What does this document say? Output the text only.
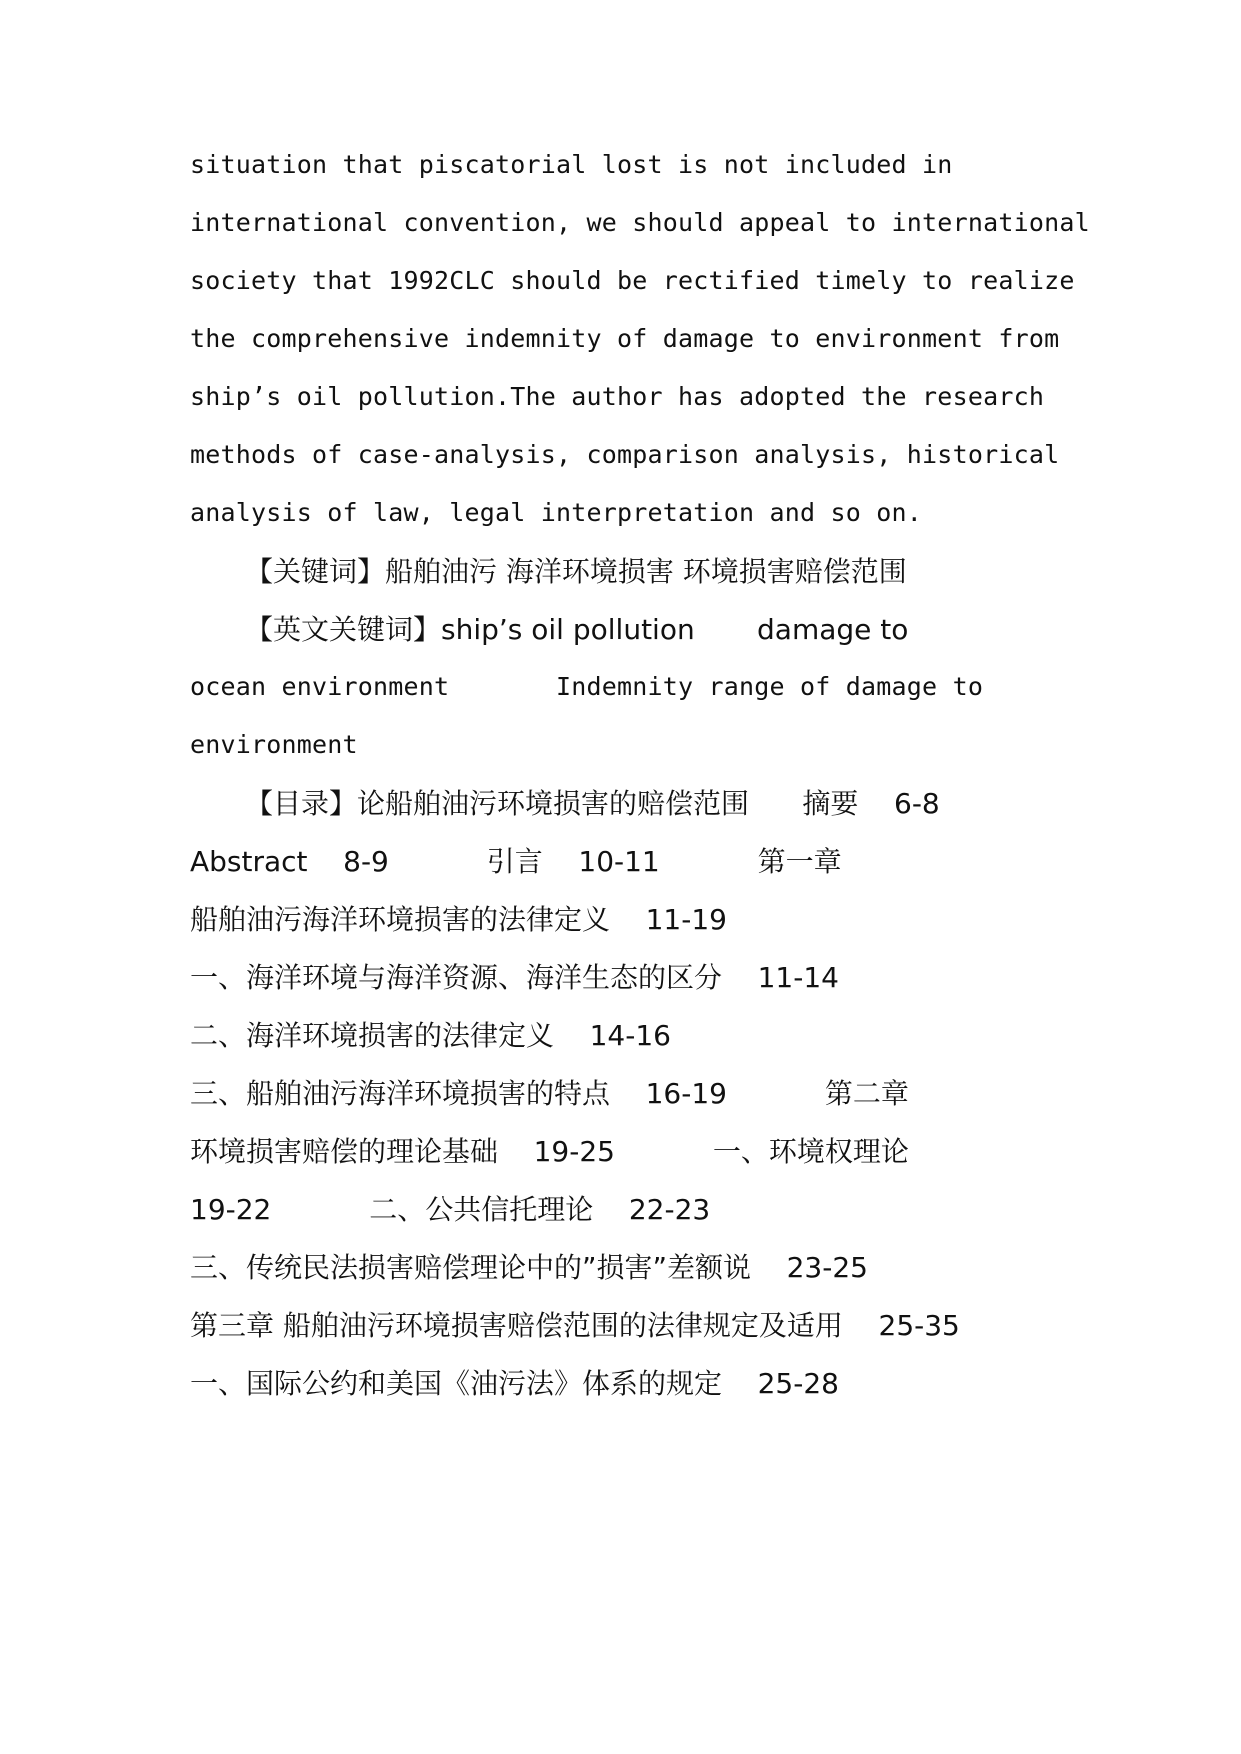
situation that piscatorial lost is not included in
international convention, we should appeal to international
society that 1992CLC should be rectified timely to realize
the comprehensive indemnity of damage to environment from
ship’s oil pollution.The author has adopted the research
methods of case-analysis, comparison analysis, historical
analysis of law, legal interpretation and so on.
【关键词】船舶油污 海洋环境损害 环境损害赔偿范围
【英文关键词】ship’s oil pollution       damage to
ocean environment       Indemnity range of damage to
environment
【目录】论船舶油污环境损害的赔偿范围      摘要    6-8
Abstract    8-9           引言    10-11           第一章
船舶油污海洋环境损害的法律定义    11-19
一、海洋环境与海洋资源、海洋生态的区分    11-14
二、海洋环境损害的法律定义    14-16
三、船舶油污海洋环境损害的特点    16-19           第二章
环境损害赔偿的理论基础    19-25           一、环境权理论
19-22           二、公共信托理论    22-23
三、传统民法损害赔偿理论中的”损害”差额说    23-25
第三章 船舶油污环境损害赔偿范围的法律规定及适用    25-35
一、国际公约和美国《油污法》体系的规定    25-28
